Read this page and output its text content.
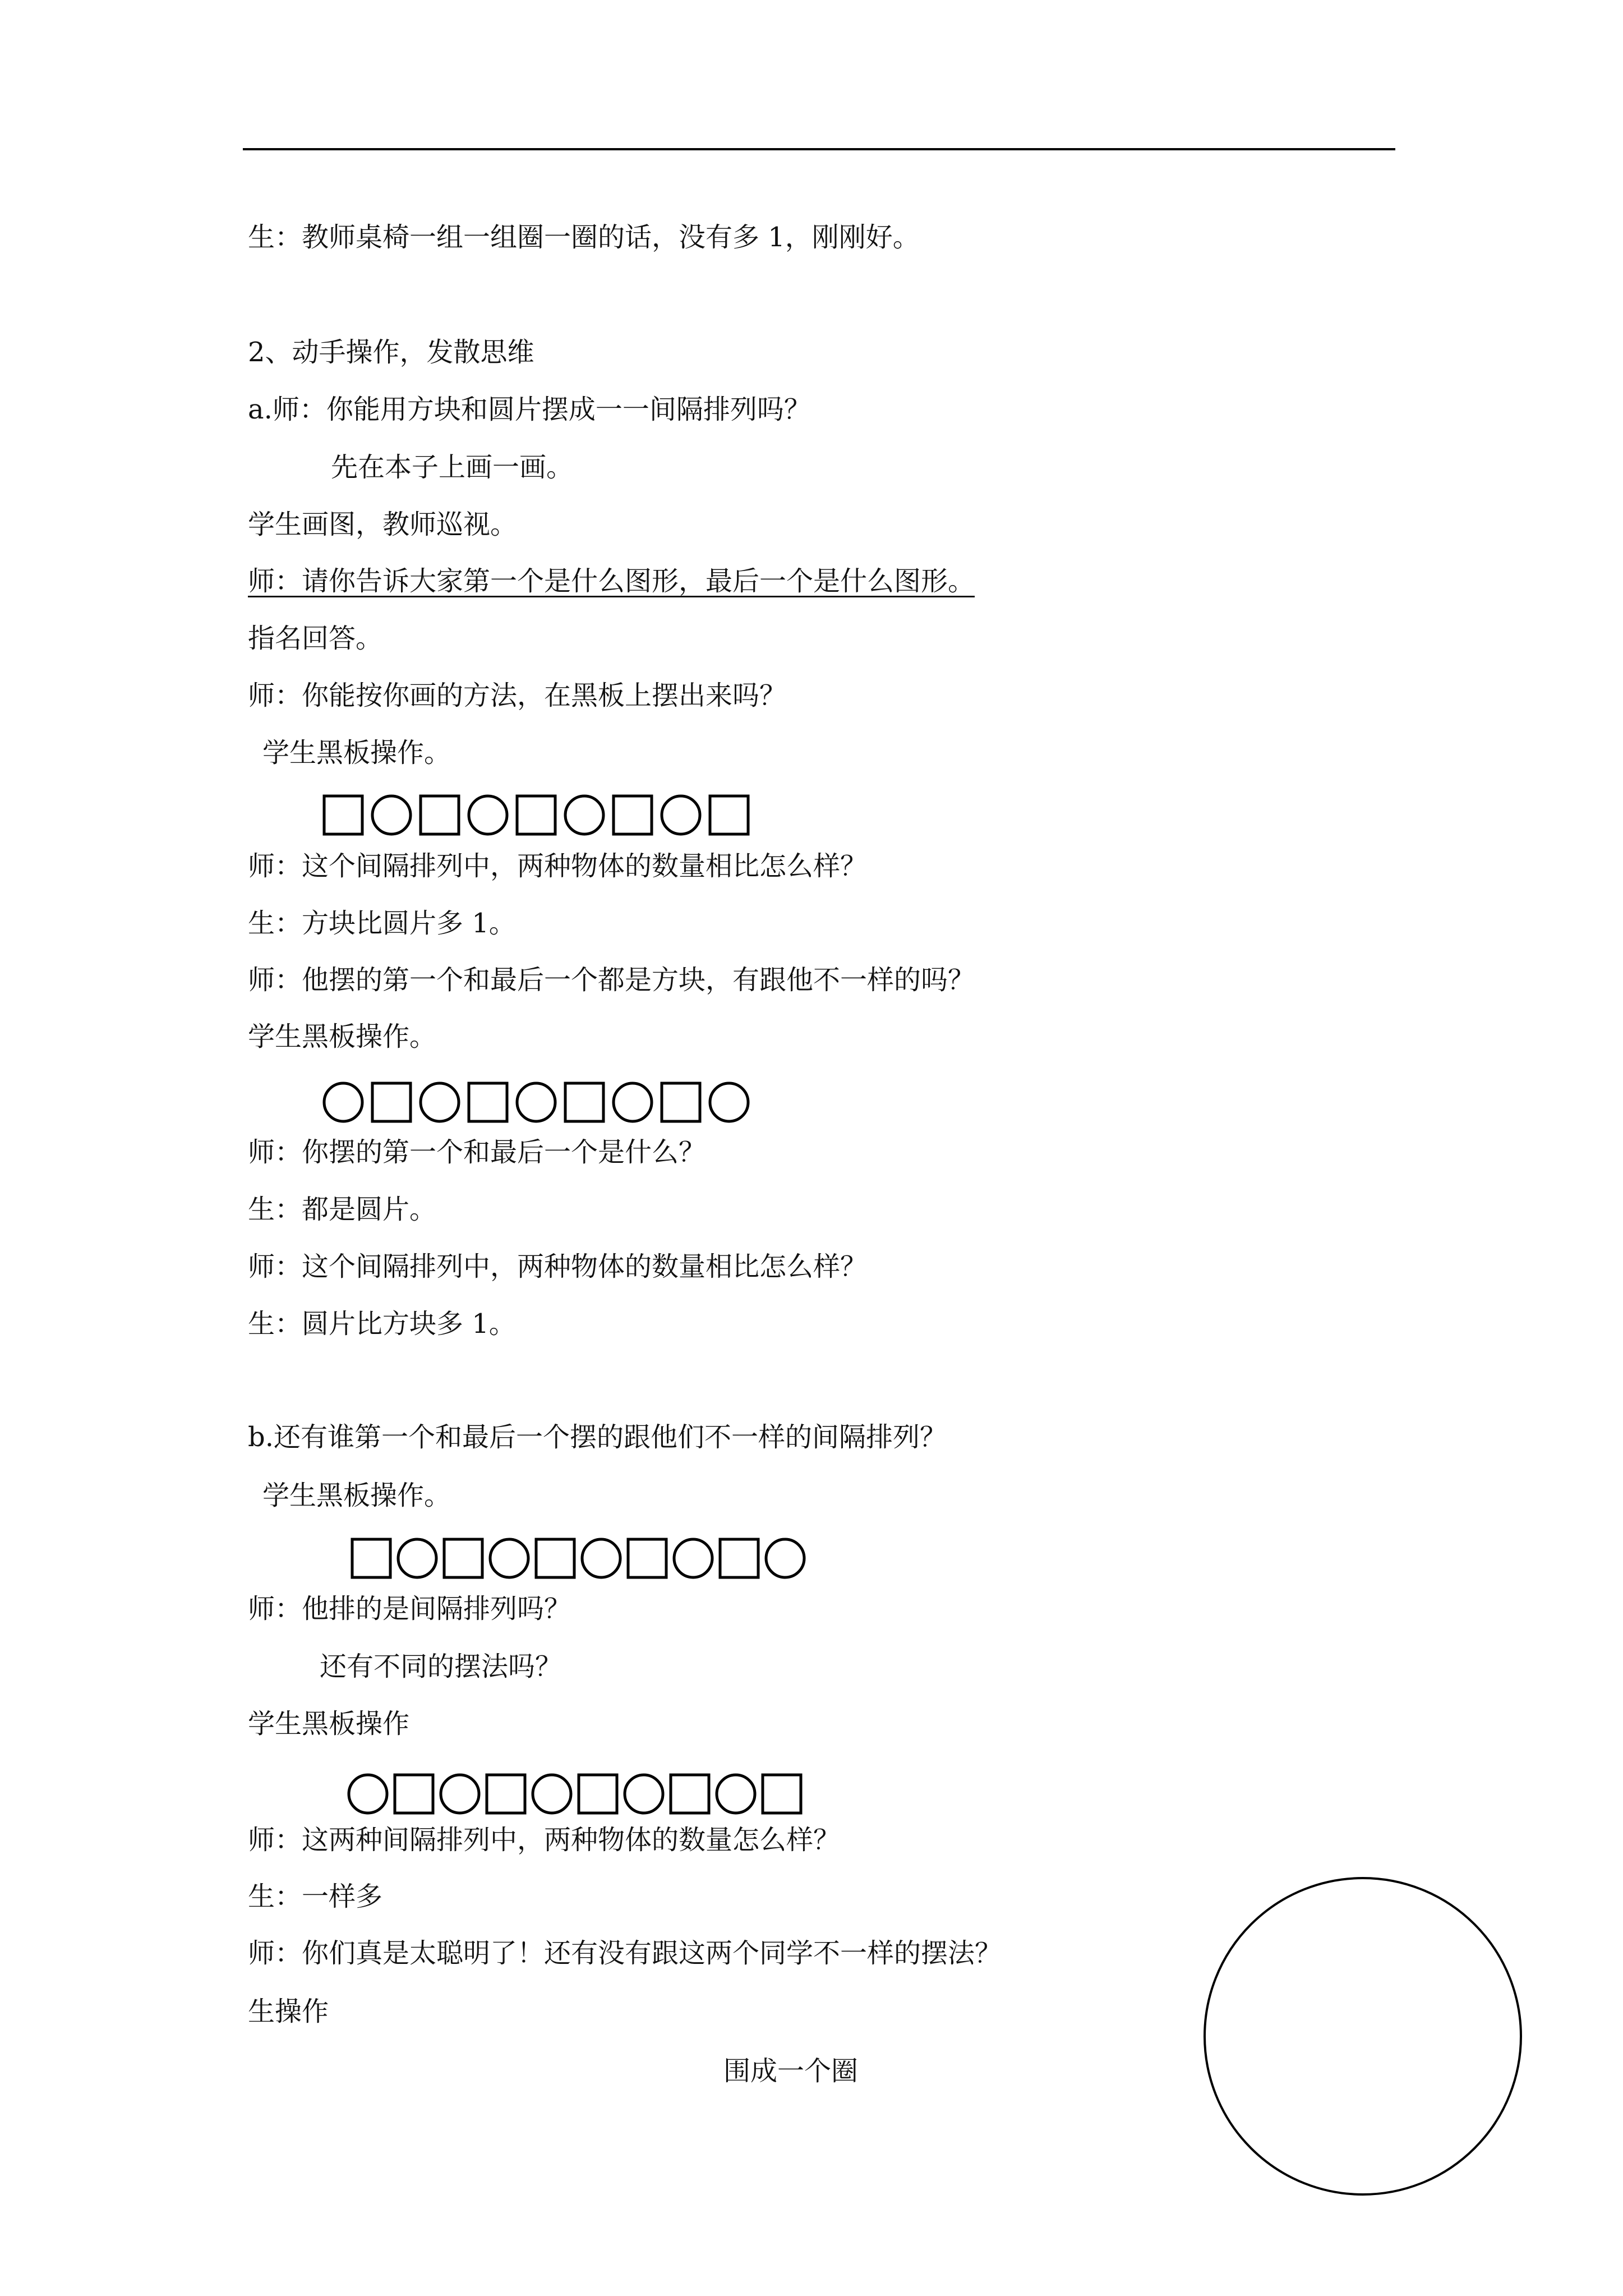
生：教师桌椅一组一组圈一圈的话，没有多 1，刚刚好。
2、动手操作，发散思维
a.师：你能用方块和圆片摆成一一间隔排列吗？
先在本子上画一画。
学生画图，教师巡视。
师：请你告诉大家第一个是什么图形，最后一个是什么图形。
指名回答。
师：你能按你画的方法，在黑板上摆出来吗？
学生黑板操作。
师：这个间隔排列中，两种物体的数量相比怎么样？
生：方块比圆片多 1。
师：他摆的第一个和最后一个都是方块，有跟他不一样的吗？
学生黑板操作。
师：你摆的第一个和最后一个是什么？
生：都是圆片。
师：这个间隔排列中，两种物体的数量相比怎么样？
生：圆片比方块多 1。
b.还有谁第一个和最后一个摆的跟他们不一样的间隔排列？
学生黑板操作。
师：他排的是间隔排列吗？
还有不同的摆法吗？
学生黑板操作
师：这两种间隔排列中，两种物体的数量怎么样？
生：一样多
师：你们真是太聪明了！还有没有跟这两个同学不一样的摆法？
生操作
围成一个圈
